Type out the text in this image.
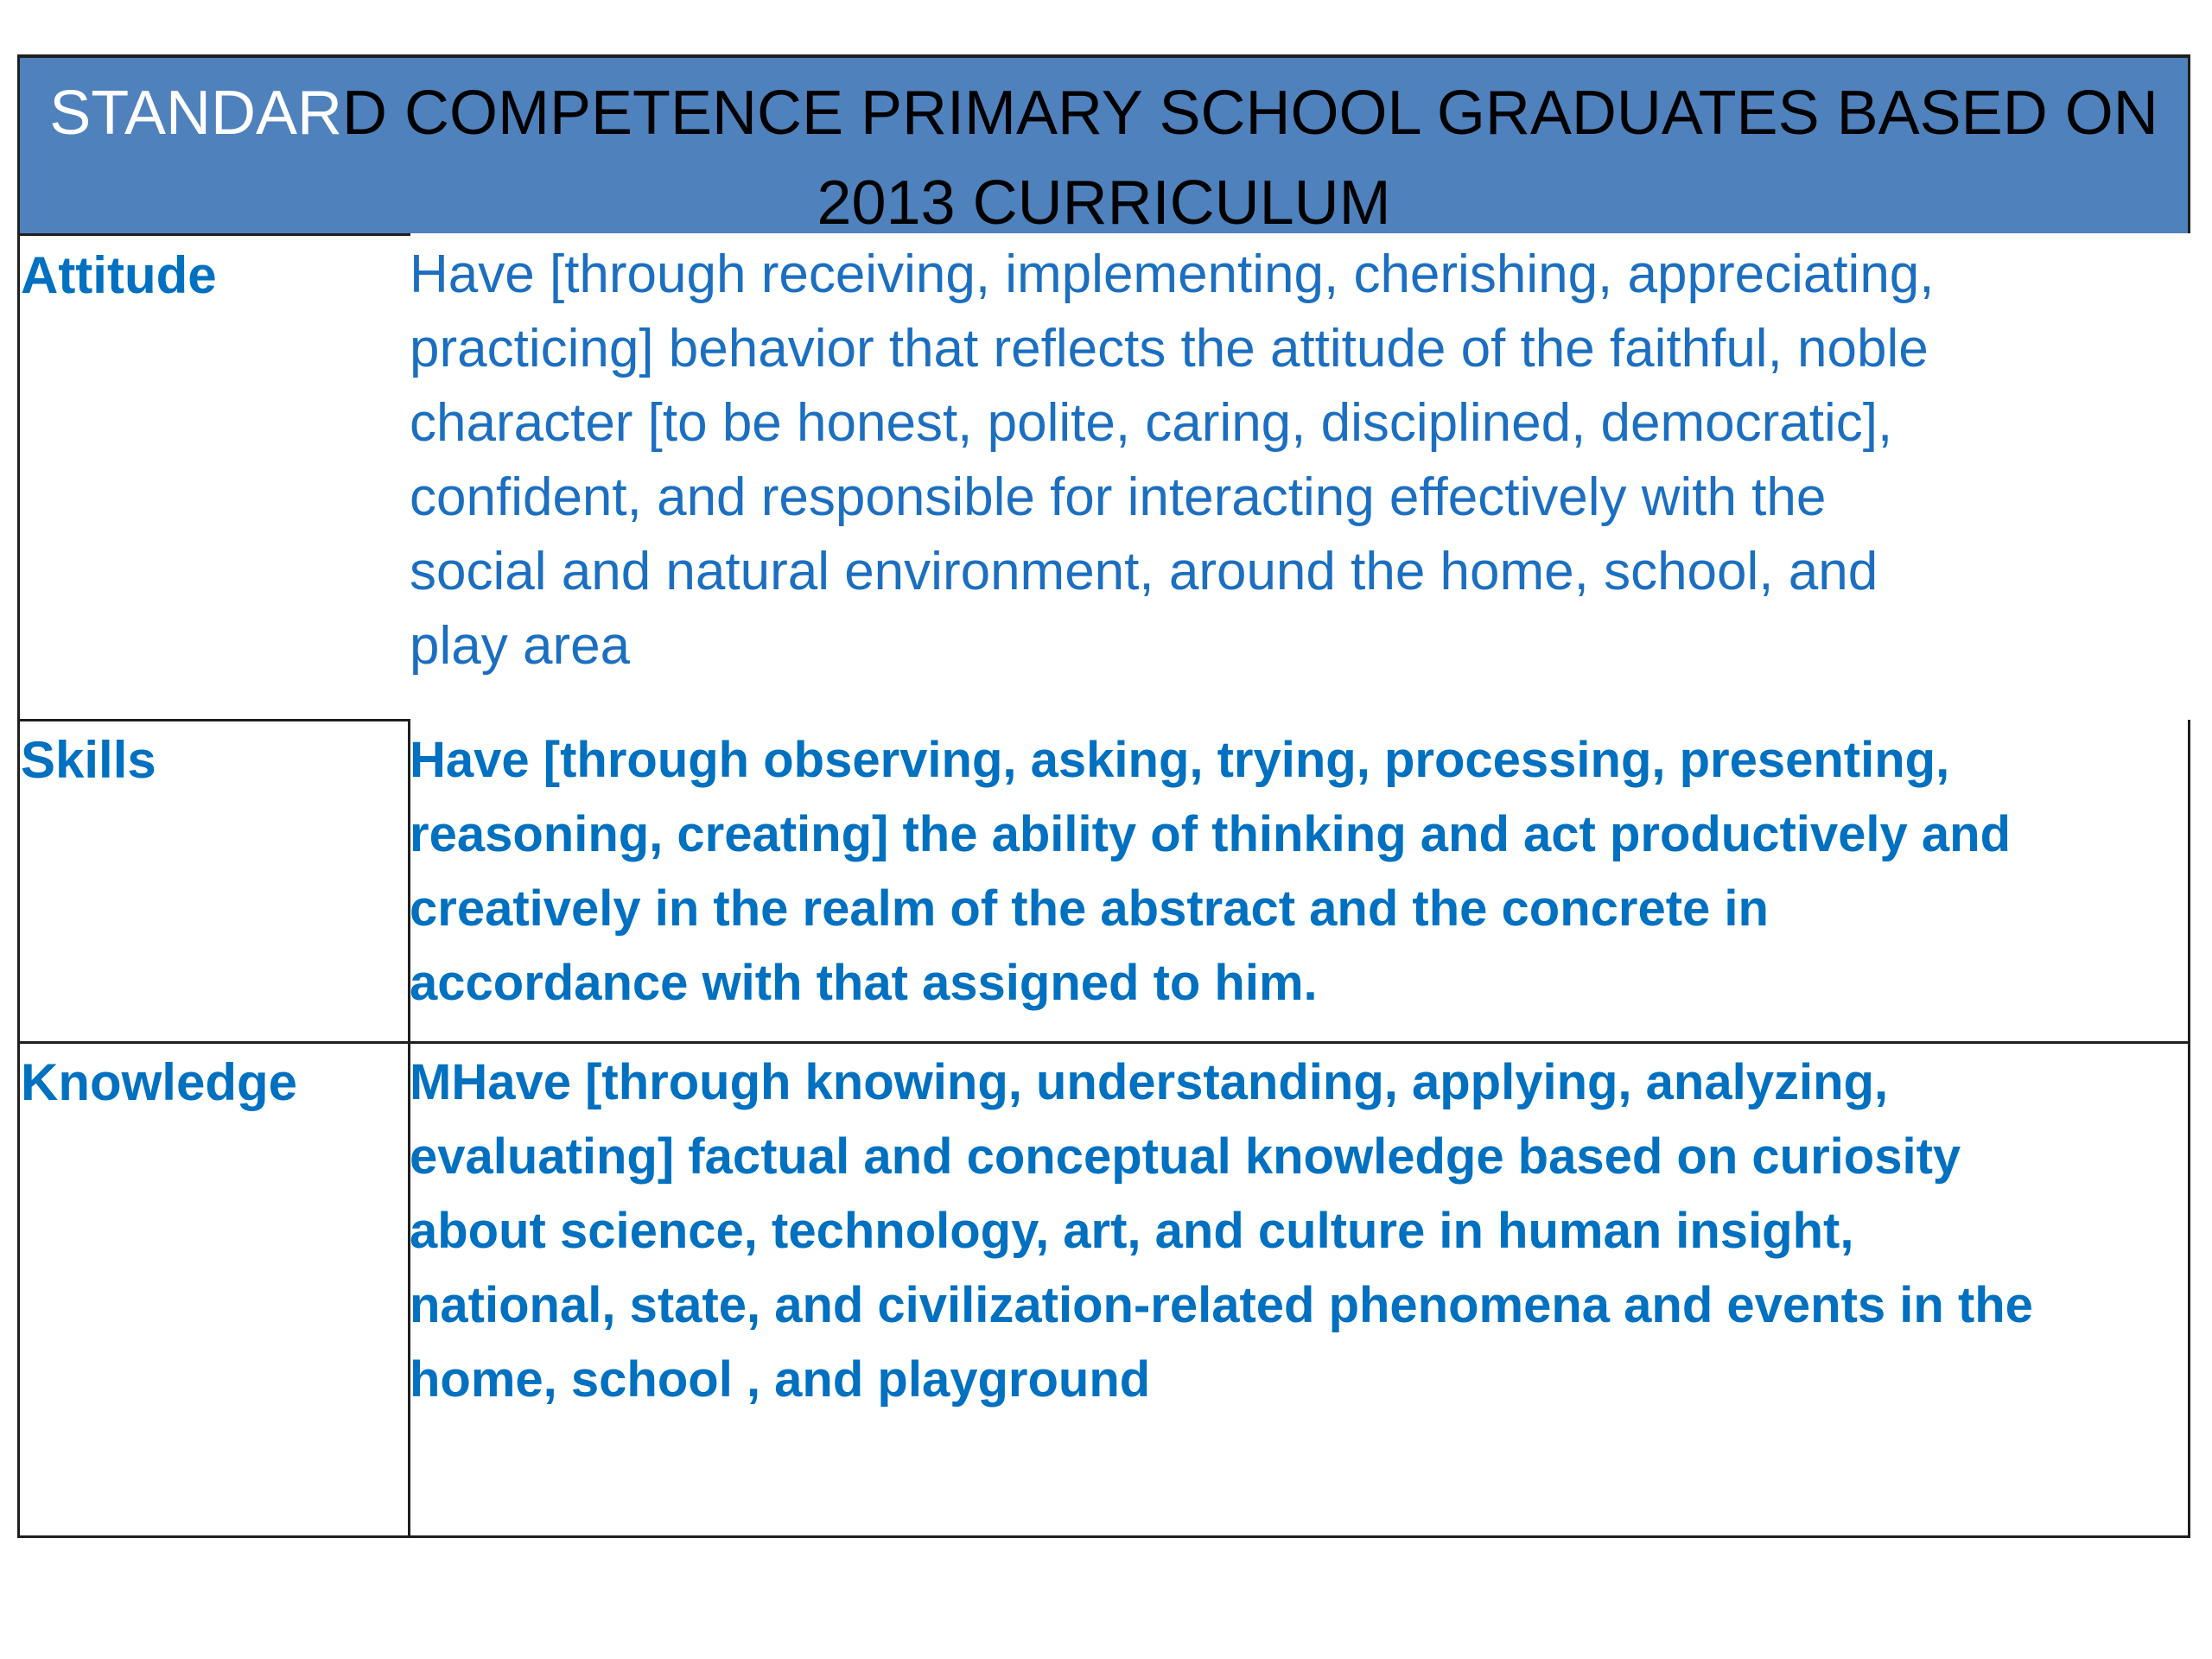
STANDARD COMPETENCE PRIMARY SCHOOL GRADUATES BASED ON
2013 CURRICULUM
Attitude	Have [through receiving, implementing, cherishing, appreciating,
practicing] behavior that reflects the attitude of the faithful, noble
character [to be honest, polite, caring, disciplined, democratic],
confident, and responsible for interacting effectively with the
social and natural environment, around the home, school, and
play area
Skills	Have [through observing, asking, trying, processing, presenting,
reasoning, creating] the ability of thinking and act productively and
creatively in the realm of the abstract and the concrete in
accordance with that assigned to him.
Knowledge MHave [through knowing, understanding, applying, analyzing,
evaluating] factual and conceptual knowledge based on curiosity
about science, technology, art, and culture in human insight,
national, state, and civilization-related phenomena and events in the
home, school , and playground
